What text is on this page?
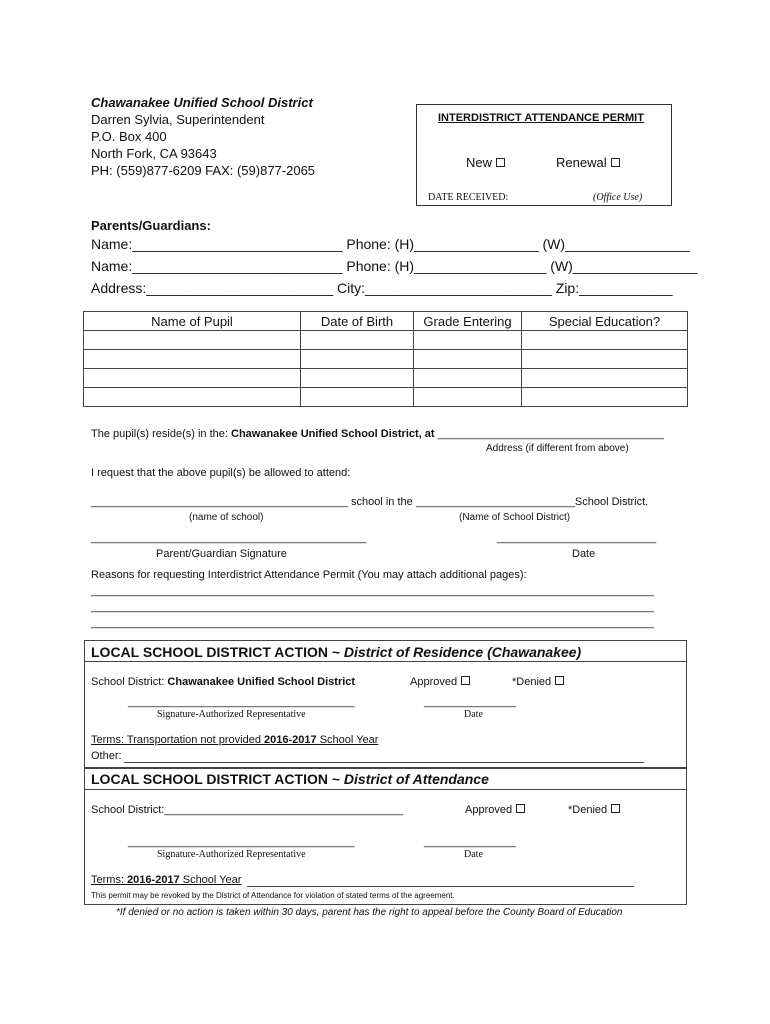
Chawanakee Unified School District
Darren Sylvia, Superintendent
P.O. Box 400
North Fork, CA 93643
PH: (559)877-6209 FAX: (59)877-2065
INTERDISTRICT ATTENDANCE PERMIT
New	Renewal
DATE RECEIVED:	(Office Use)
Parents/Guardians:
Name:___________________________ Phone: (H)________________ (W)________________
Name:___________________________ Phone: (H)_________________ (W)________________
Address:________________________ City:________________________ Zip:____________
Name of Pupil	Date of Birth	Grade Entering	Special Education?

The pupil(s) reside(s) in the: Chawanakee Unified School District, at _____________________________________
Address (if different from above)
I request that the above pupil(s) be allowed to attend:
__________________________________________ school in the __________________________School District.
(name of school)	(Name of School District)
_____________________________________________	__________________________
Parent/Guardian Signature	Date
Reasons for requesting Interdistrict Attendance Permit (You may attach additional pages):
____________________________________________________________________________________________
____________________________________________________________________________________________
____________________________________________________________________________________________
LOCAL SCHOOL DISTRICT ACTION ~ District of Residence (Chawanakee)
School District: Chawanakee Unified School District	Approved	*Denied
_____________________________________	_______________
Signature-Authorized Representative	Date
Terms: Transportation not provided 2016-2017 School Year
Other:
LOCAL SCHOOL DISTRICT ACTION ~ District of Attendance
School District:_______________________________________	Approved	*Denied
_____________________________________	_______________
Signature-Authorized Representative	Date
Terms: 2016-2017 School Year
This permit may be revoked by the District of Attendance for violation of stated terms of the agreement.
*If denied or no action is taken within 30 days, parent has the right to appeal before the County Board of Education
